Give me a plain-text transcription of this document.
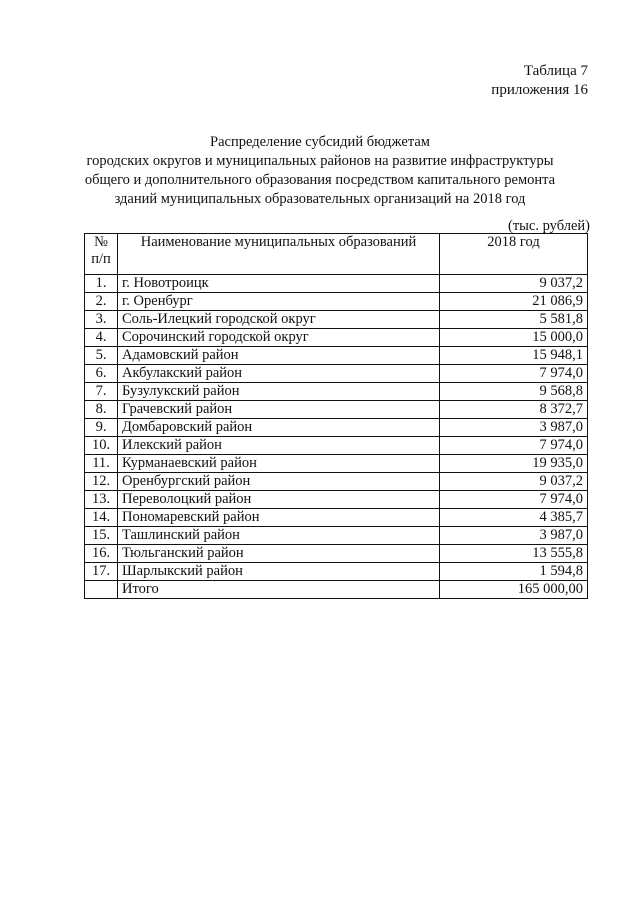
Таблица 7
приложения 16
Распределение субсидий бюджетам
городских округов и муниципальных районов на развитие инфраструктуры
общего и дополнительного образования посредством капитального ремонта
зданий муниципальных образовательных организаций на 2018 год
(тыс. рублей)
№
п/п	Наименование муниципальных образований	2018 год
1.	г. Новотроицк	9 037,2
2.	г. Оренбург	21 086,9
3.	Соль-Илецкий городской округ	5 581,8
4.	Сорочинский городской округ	15 000,0
5.	Адамовский район	15 948,1
6.	Акбулакский район	7 974,0
7.	Бузулукский район	9 568,8
8.	Грачевский район	8 372,7
9.	Домбаровский район	3 987,0
10.	Илекский район	7 974,0
11.	Курманаевский район	19 935,0
12.	Оренбургский район	9 037,2
13.	Переволоцкий район	7 974,0
14.	Пономаревский район	4 385,7
15.	Ташлинский район	3 987,0
16.	Тюльганский район	13 555,8
17.	Шарлыкский район	1 594,8
	Итого	165 000,00
